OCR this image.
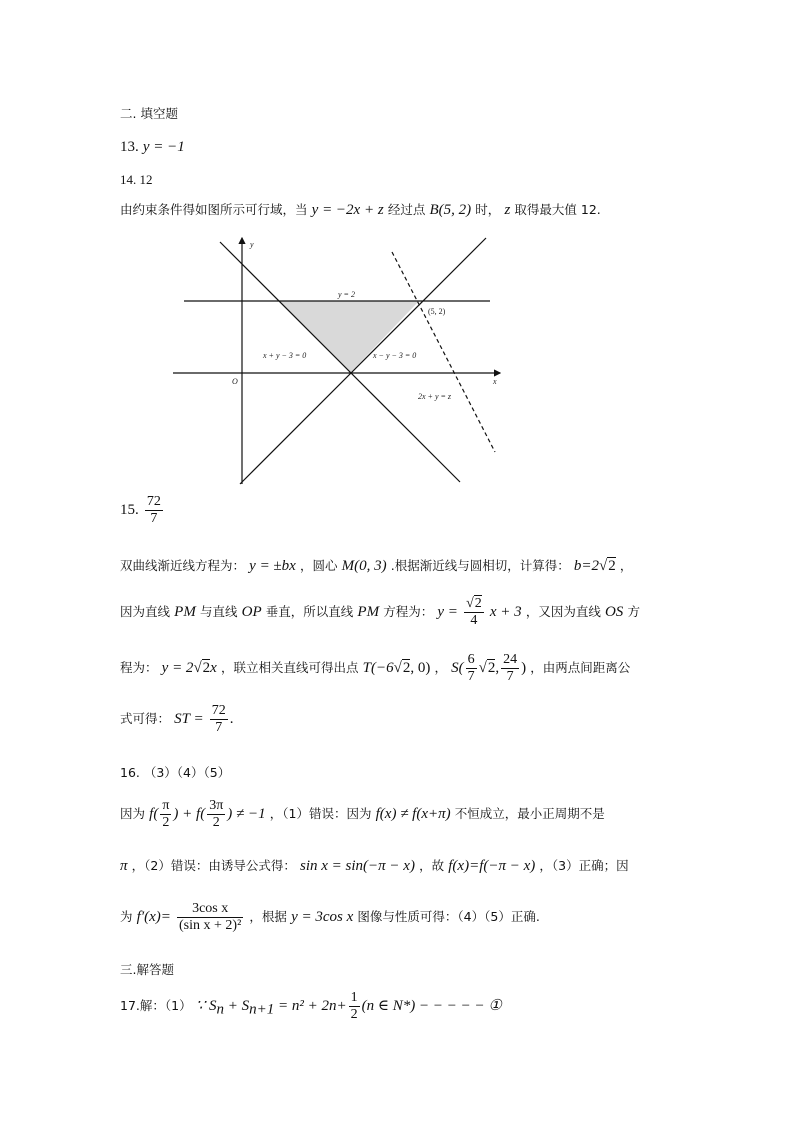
二. 填空题
13. y = −1
14. 12
由约束条件得如图所示可行域，当 y = −2x + z 经过点 B(5, 2) 时， z 取得最大值 12.
y
x
O
y = 2
(5, 2)
x + y − 3 = 0	x − y − 3 = 0
2x + y = z
15. $\frac{72}{7}$
双曲线渐近线方程为： y = ±bx ，圆心 M(0, 3) .根据渐近线与圆相切，计算得： b=2√2 ，
因为直线 PM 与直线 OP 垂直，所以直线 PM 方程为： $y = \frac{√2}{4}$ x + 3 ，又因为直线 OS 方
程为： y = 2√2x ，联立相关直线可得出点 T(−6√2, 0) ， $S( \frac{6}{7} √2$, $\frac{24}{7}$ ) ，由两点间距离公
式可得： ST = $\frac{72}{7}$ .
16. （3）（4）（5）
因为 $f( \frac{\pi}{2}$ ) + $f( \frac{3\pi}{2}$ ) ≠ −1 ，（1）错误：因为 f(x) ≠ f(x+π) 不恒成立，最小正周期不是
π ，（2）错误：由诱导公式得： sin x = sin(−π − x) ，故 f(x)=f(−π − x) ，（3）正确；因
为 $f'(x)= \frac{\text{3cos x}}{\text{(sin x + 2)²}}$ ，根据 y = 3cos x 图像与性质可得：（4）（5）正确.
三.解答题
17.解：（1） ∵ $S_n + S_{n+1} = n^2 + 2n+ \frac{1}{2} (n$ ∈ N*) − − − − − ①
